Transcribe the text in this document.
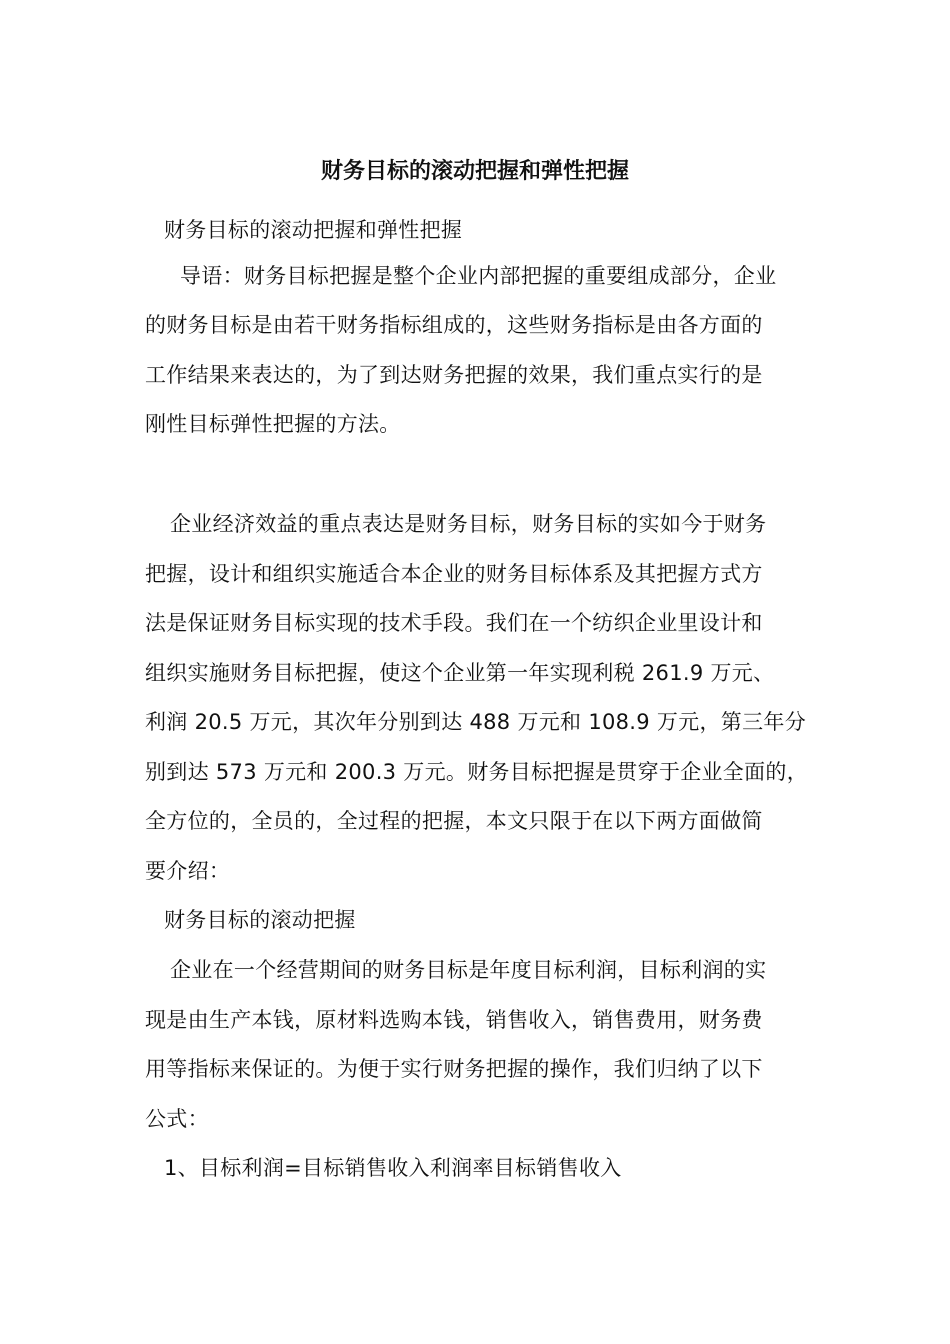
财务目标的滚动把握和弹性把握
财务目标的滚动把握和弹性把握
导语：财务目标把握是整个企业内部把握的重要组成部分，企业
的财务目标是由若干财务指标组成的，这些财务指标是由各方面的
工作结果来表达的，为了到达财务把握的效果，我们重点实行的是
刚性目标弹性把握的方法。
企业经济效益的重点表达是财务目标，财务目标的实如今于财务
把握，设计和组织实施适合本企业的财务目标体系及其把握方式方
法是保证财务目标实现的技术手段。我们在一个纺织企业里设计和
组织实施财务目标把握，使这个企业第一年实现利税 261.9 万元、
利润 20.5 万元，其次年分别到达 488 万元和 108.9 万元，第三年分
别到达 573 万元和 200.3 万元。财务目标把握是贯穿于企业全面的，
全方位的，全员的，全过程的把握，本文只限于在以下两方面做简
要介绍：
财务目标的滚动把握
企业在一个经营期间的财务目标是年度目标利润，目标利润的实
现是由生产本钱，原材料选购本钱，销售收入，销售费用，财务费
用等指标来保证的。为便于实行财务把握的操作，我们归纳了以下
公式：
1、目标利润=目标销售收入利润率目标销售收入
